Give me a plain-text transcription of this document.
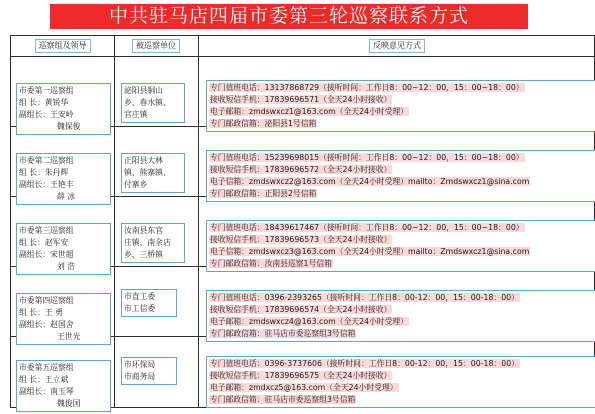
中共驻马店四届市委第三轮巡察联系方式
巡察组及领导	被巡察单位	反映意见方式
市委第一巡察组
组 长：黄锐华
副组长：王安岭
魏保俊
泌阳县铜山
乡、春水镇、
官庄镇
专门值班电话：13137868729（接听时间：工作日8：00~12：00，15：00~18：00）
接收短信手机：17839696571（全天24小时接收）
电子邮箱：zmdswxcz1@163.com（全天24小时受理）
专门邮政信箱：泌阳县1号信箱
市委第二巡察组
组 长：朱丹辉
副组长：王艳丰
薛 冰
正阳县大林
镇、熊寨镇、
付寨乡
专门值班电话：15239698015（接听时间：工作日8：00~12：00，15：00~18：00）
接收短信手机：17839696572（全天24小时接收）
电子信箱：zmdswxcz2@163.com（全天24小时受理）mailto：Zmdswxcz1@sina.com
专门邮政信箱：正阳县2号信箱
市委第三巡察组
组 长：赵军安
副组长：宋世超
刘 浩
汝南县东官
庄镇、南余店
乡、三桥镇
专门值班电话：18439617467（接听时间：工作日8：00~12：00，15：00~18：00）
接收短信手机：17839696573（全天24小时接收）
电子信箱：zmdswxcz3@163.com（全天24小时受理）mailto：Zmdswxcz1@sina.com
专门邮政信箱：汝南县巡察1号信箱
市委第四巡察组
组 长：王 勇
副组长：赵国舍
王世光
市直工委
市工信委
专门值班电话：0396-2393265（接听时间：工作日8：00-12：00，15：00-18：00）
接收短信手机：17839696574（全天24小时接收）
电子邮箱：zmdswxcz4@163.com（全天24小时受理）
专门邮政信箱：驻马店市委巡察组3号信箱
市委第五巡察组
组 长：王立斌
副组长：南玉琴
魏俊国
市环保局
市商务局
专门值班电话：0396-3737606（接听时间：工作日8：00-12：00，15：00-18：00）
接收短信手机：17839696575（全天24小时接收）
电子邮箱：zmdxcz5@163.com（全天24小时受理）
专门邮政信箱：驻马店市委巡察组3号信箱
